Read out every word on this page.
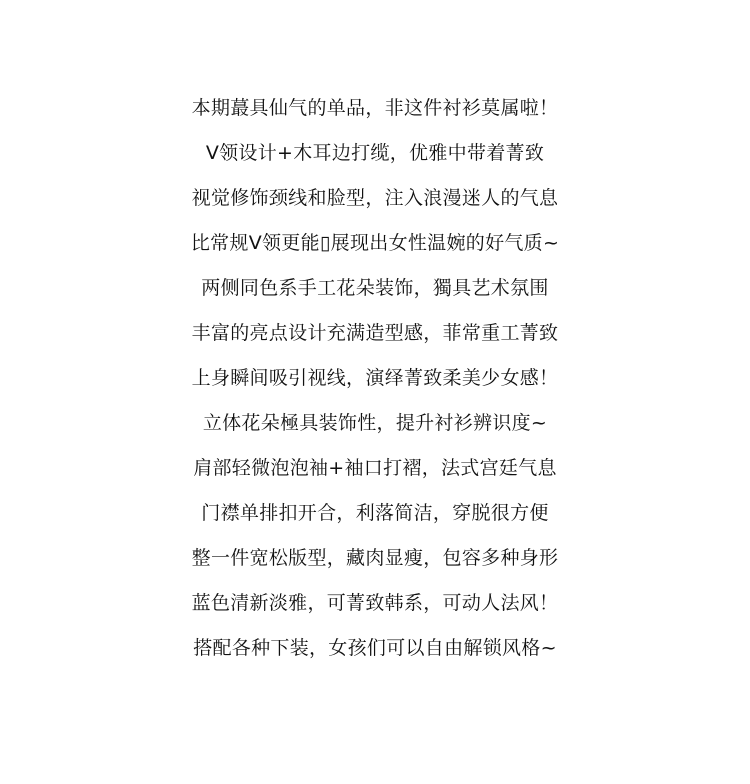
本期蕞具仙气的单品，非这件衬衫莫属啦！
V领设计+木耳边打缆，优雅中带着菁致
视觉修饰颈线和脸型，注入浪漫迷人的气息
比常规V领更能▯展现出女性温婉的好气质~
两侧同色系手工花朵装饰，獨具艺术氛围
丰富的亮点设计充满造型感，菲常重工菁致
上身瞬间吸引视线，演绎菁致柔美少女感！
立体花朵極具装饰性，提升衬衫辨识度~
肩部轻微泡泡袖+袖口打褶，法式宫廷气息
门襟单排扣开合，利落简洁，穿脱很方便
整一件宽松版型，藏肉显瘦，包容多种身形
蓝色清新淡雅，可菁致韩系，可动人法风！
搭配各种下装，女孩们可以自由解锁风格~
